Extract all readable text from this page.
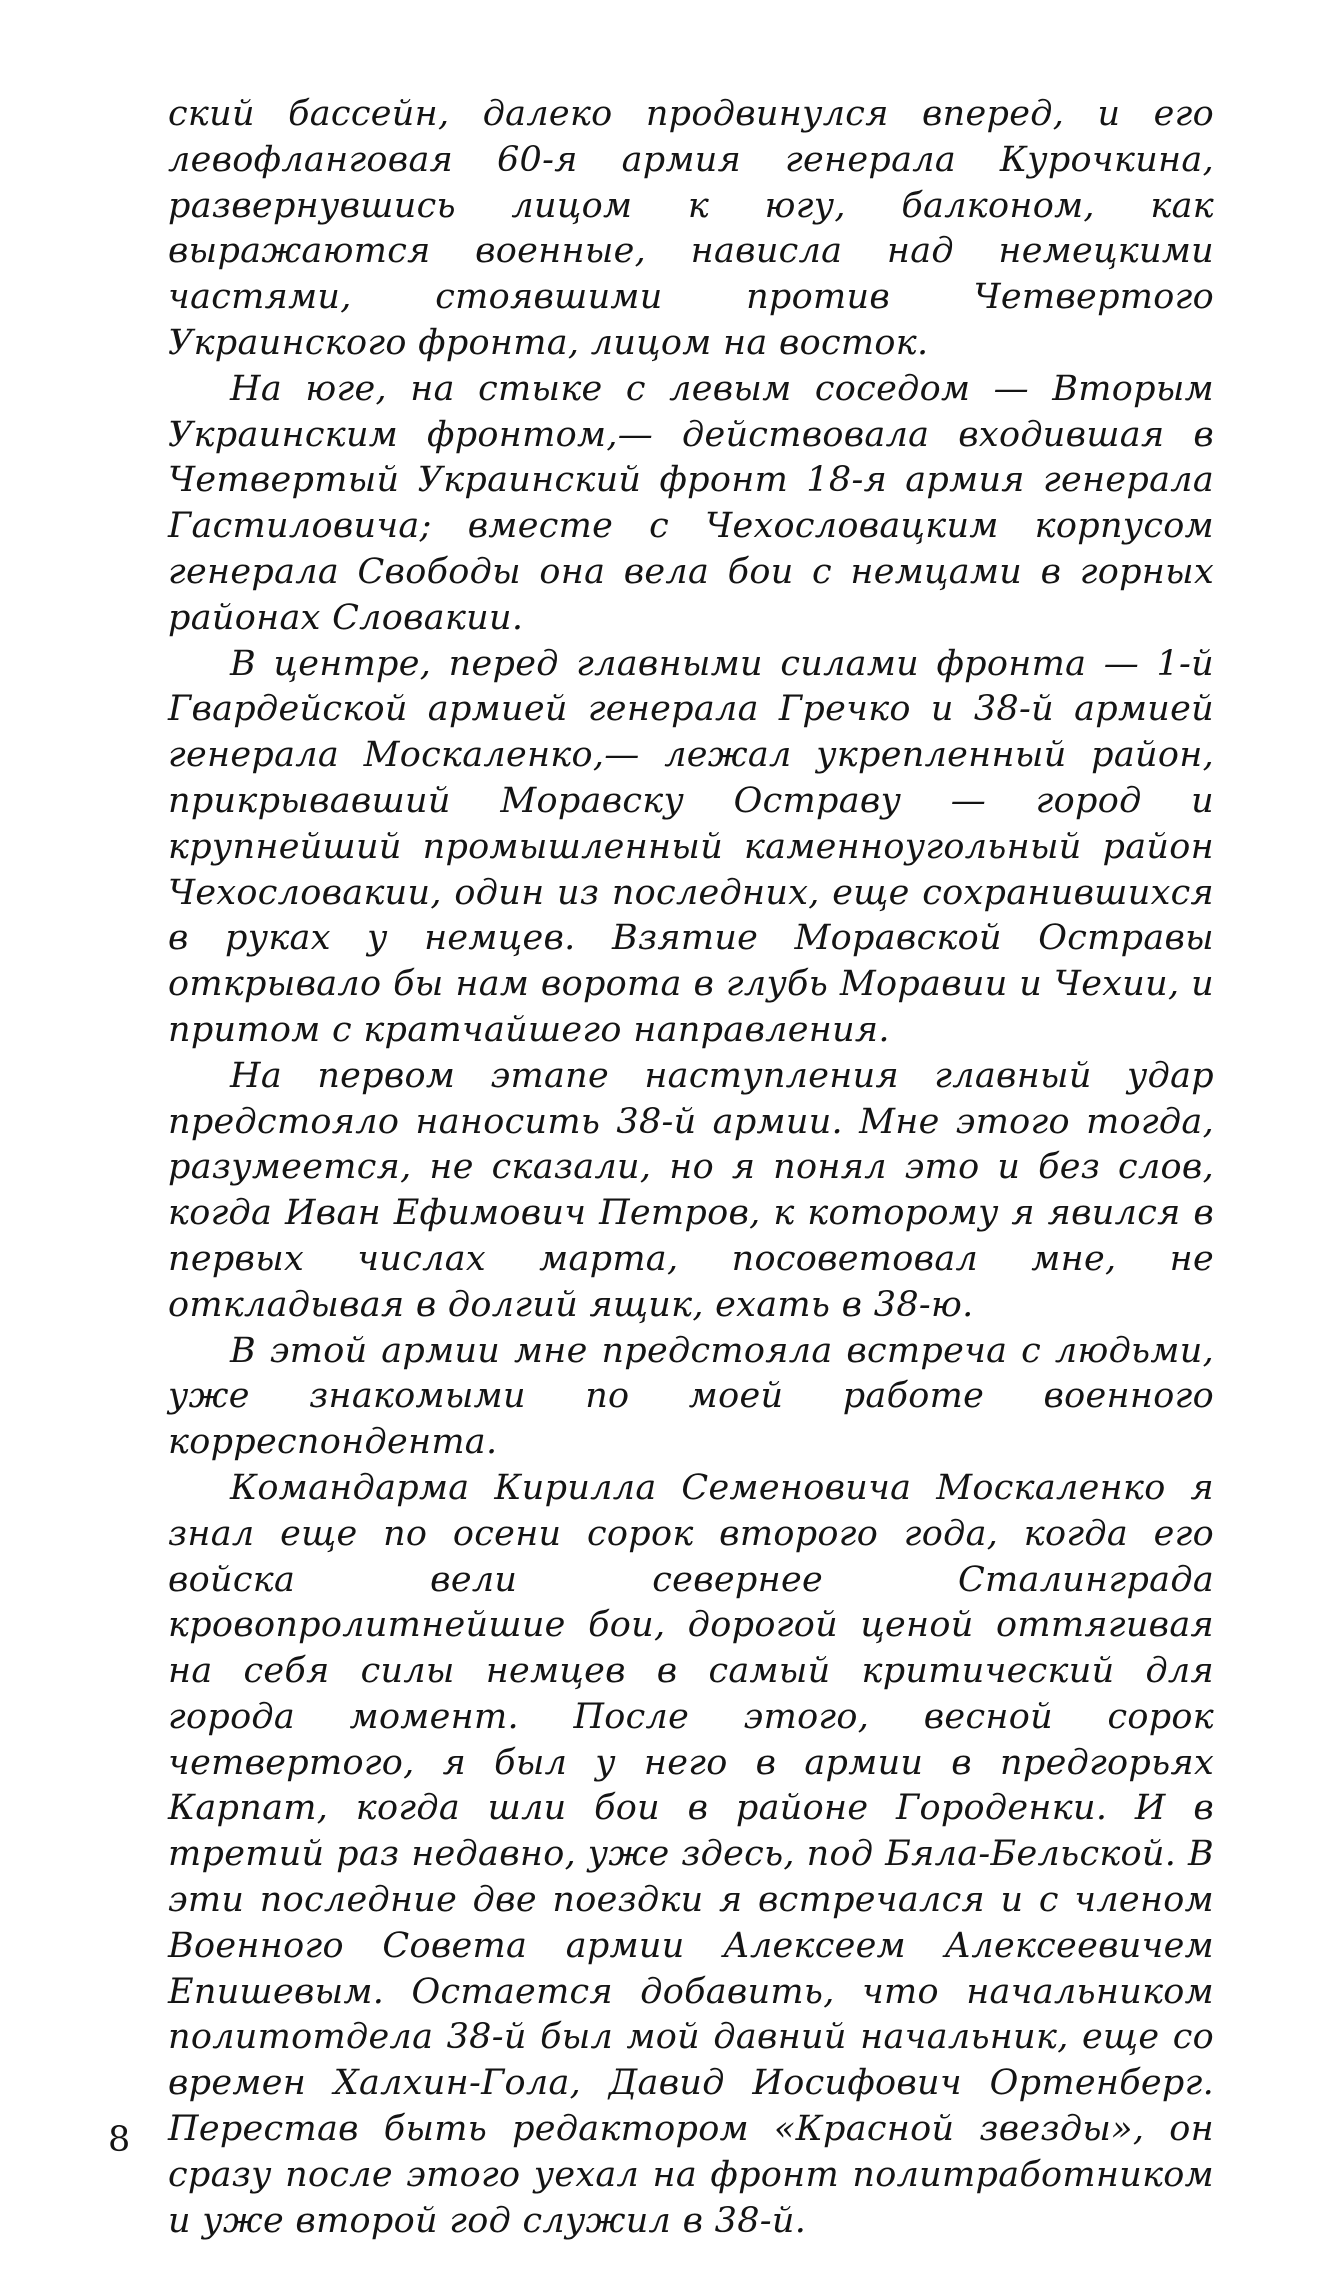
ский бассейн, далеко продвинулся вперед, и его левофланговая 60-я армия генерала Курочкина, развернувшись лицом к югу, балконом, как выражаются военные, нависла над немецкими частями, стоявшими против Четвертого Украинского фронта, лицом на восток.

На юге, на стыке с левым соседом — Вторым Украинским фронтом,— действовала входившая в Четвертый Украинский фронт 18-я армия генерала Гастиловича; вместе с Чехословацким корпусом генерала Свободы она вела бои с немцами в горных районах Словакии.

В центре, перед главными силами фронта — 1-й Гвардейской армией генерала Гречко и 38-й армией генерала Москаленко,— лежал укрепленный район, прикрывавший Моравску Остраву — город и крупнейший промышленный каменноугольный район Чехословакии, один из последних, еще сохранившихся в руках у немцев. Взятие Моравской Остравы открывало бы нам ворота в глубь Моравии и Чехии, и притом с кратчайшего направления.

На первом этапе наступления главный удар предстояло наносить 38-й армии. Мне этого тогда, разумеется, не сказали, но я понял это и без слов, когда Иван Ефимович Петров, к которому я явился в первых числах марта, посоветовал мне, не откладывая в долгий ящик, ехать в 38-ю.

В этой армии мне предстояла встреча с людьми, уже знакомыми по моей работе военного корреспондента.

Командарма Кирилла Семеновича Москаленко я знал еще по осени сорок второго года, когда его войска вели севернее Сталинграда кровопролитнейшие бои, дорогой ценой оттягивая на себя силы немцев в самый критический для города момент. После этого, весной сорок четвертого, я был у него в армии в предгорьях Карпат, когда шли бои в районе Городенки. И в третий раз недавно, уже здесь, под Бяла-Бельской. В эти последние две поездки я встречался и с членом Военного Совета армии Алексеем Алексеевичем Епишевым. Остается добавить, что начальником политотдела 38-й был мой давний начальник, еще со времен Халхин-Гола, Давид Иосифович Ортенберг. Перестав быть редактором «Красной звезды», он сразу после этого уехал на фронт политработником и уже второй год служил в 38-й.

8
